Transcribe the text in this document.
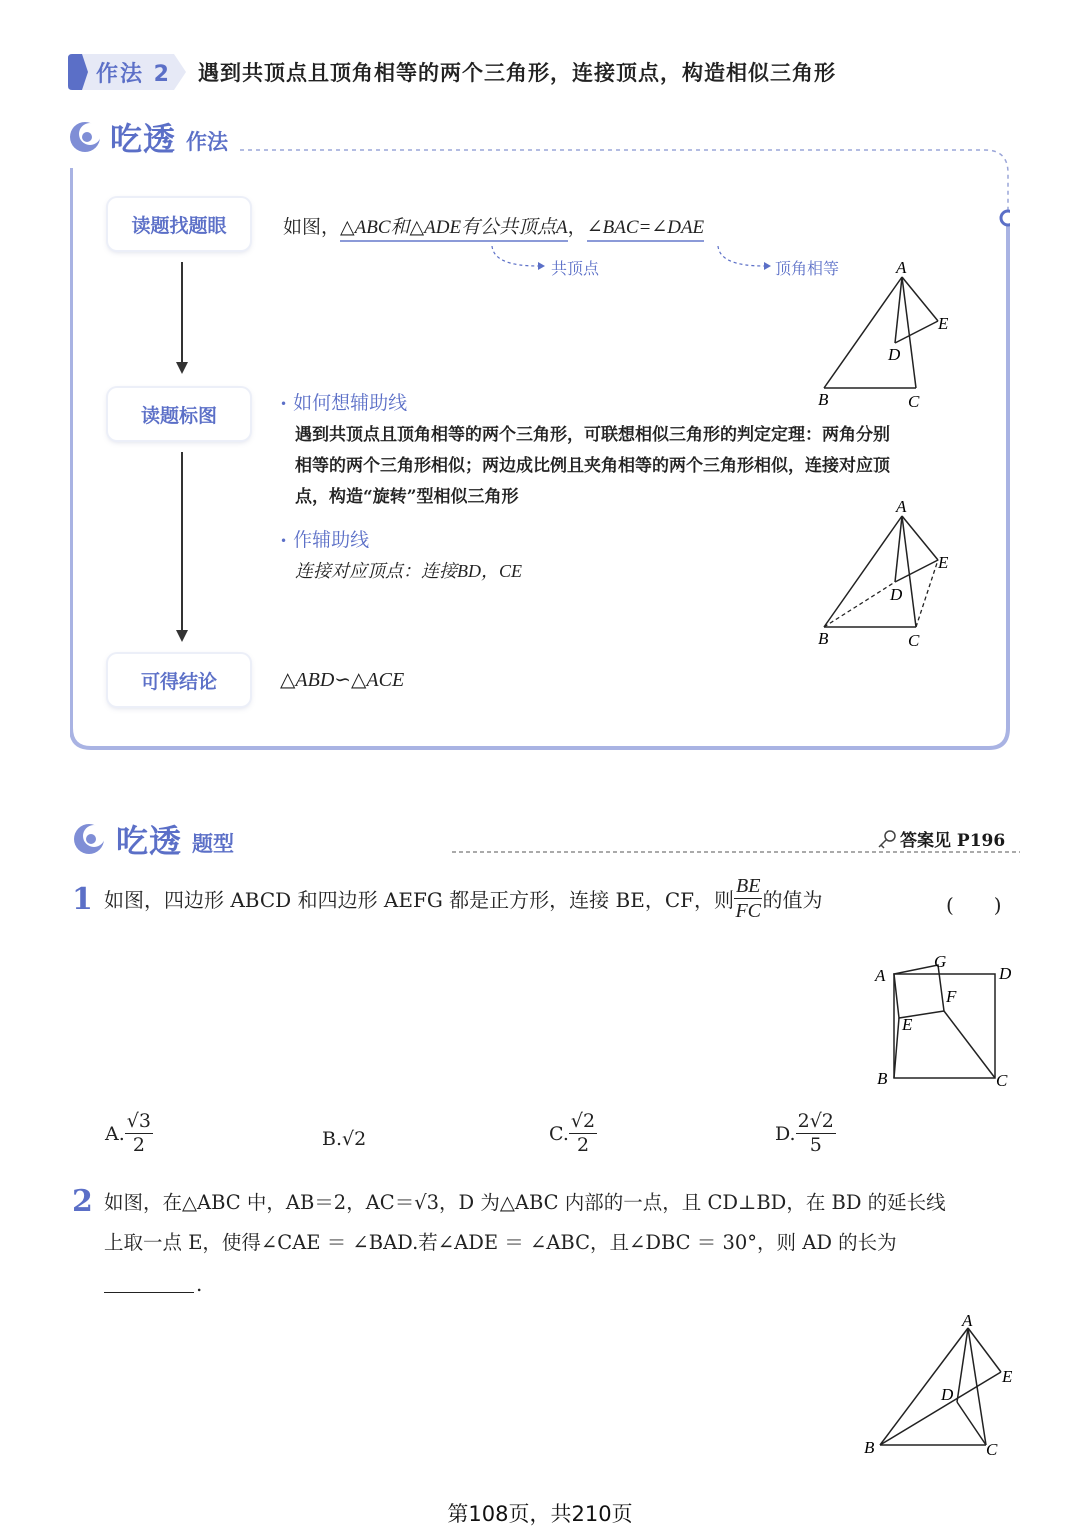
作法 2 遇到共顶点且顶角相等的两个三角形，连接顶点，构造相似三角形
吃透 作法
读题找题眼
读题标图
可得结论
如图，△ABC和△ADE有公共顶点A，∠BAC=∠DAE
共顶点	顶角相等	A
E
D
B	C
• 如何想辅助线
遇到共顶点且顶角相等的两个三角形，可联想相似三角形的判定定理：两角分别
相等的两个三角形相似；两边成比例且夹角相等的两个三角形相似，连接对应顶
点，构造“旋转”型相似三角形
• 作辅助线
连接对应顶点：连接BD，CE
A
E
D
B	C
△ABD∽△ACE
吃透 题型	答案见 P196
1 如图，四边形 ABCD 和四边形 AEFG 都是正方形，连接 BE，CF，则 $\frac{BE}{FC}$ 的值为	(　　)
A
G
D
F
E
B	C
A. $\frac{√3}{2}$	B.√2	C. $\frac{√2}{2}$	D. $\frac{2√2}{5}$
2 如图，在△ABC 中，AB＝2，AC＝√3，D 为△ABC 内部的一点，且 CD⊥BD，在 BD 的延长线
上取一点 E，使得∠CAE ＝ ∠BAD.若∠ADE ＝ ∠ABC，且∠DBC ＝ 30°，则 AD 的长为
.
A
E
D
B	C
第108页，共210页
